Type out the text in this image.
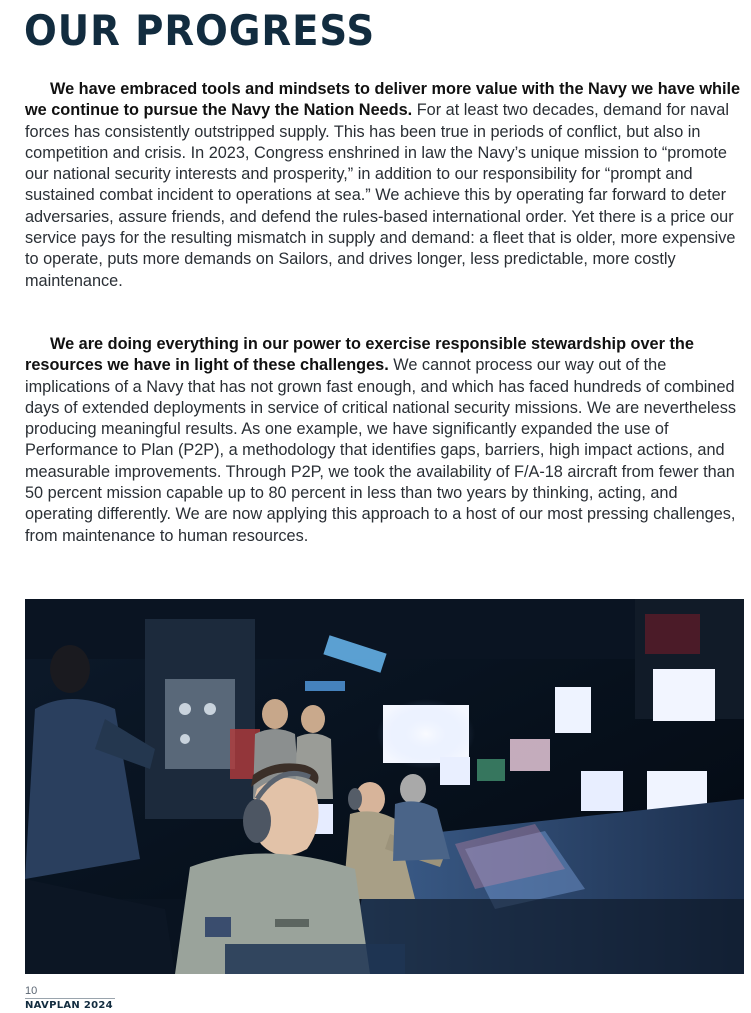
OUR PROGRESS

We have embraced tools and mindsets to deliver more value with the Navy we have while we continue to pursue the Navy the Nation Needs. For at least two decades, demand for naval forces has consistently outstripped supply. This has been true in periods of conflict, but also in competition and crisis. In 2023, Congress enshrined in law the Navy’s unique mission to “promote our national security interests and prosperity,” in addition to our responsibility for “prompt and sustained combat incident to operations at sea.” We achieve this by operating far forward to deter adversaries, assure friends, and defend the rules-based international order. Yet there is a price our service pays for the resulting mismatch in supply and demand: a fleet that is older, more expensive to operate, puts more demands on Sailors, and drives longer, less predictable, more costly maintenance.

We are doing everything in our power to exercise responsible stewardship over the resources we have in light of these challenges. We cannot process our way out of the implications of a Navy that has not grown fast enough, and which has faced hundreds of combined days of extended deployments in service of critical national security missions. We are nevertheless producing meaningful results. As one example, we have significantly expanded the use of Performance to Plan (P2P), a methodology that identifies gaps, barriers, high impact actions, and measurable improvements. Through P2P, we took the availability of F/A-18 aircraft from fewer than 50 percent mission capable up to 80 percent in less than two years by thinking, acting, and operating differently. We are now applying this approach to a host of our most pressing challenges, from maintenance to human resources.

10
NAVPLAN 2024
